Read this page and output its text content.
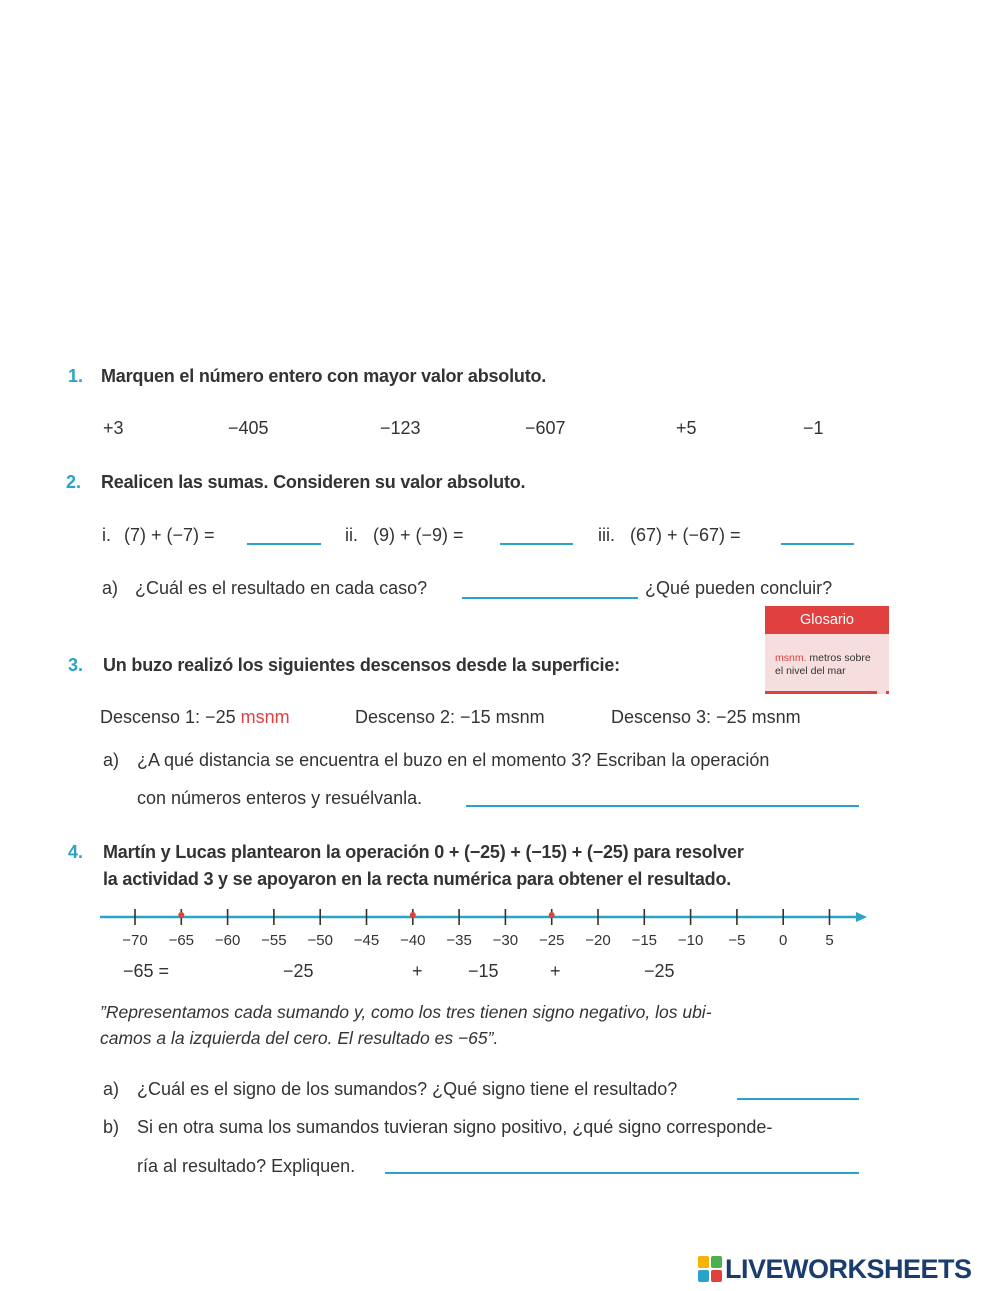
1. Marquen el número entero con mayor valor absoluto.
+3	−405	−123	−607	+5	−1
2. Realicen las sumas. Consideren su valor absoluto.
i. (7) + (−7) =	ii. (9) + (−9) =	iii. (67) + (−67) =
a) ¿Cuál es el resultado en cada caso?	¿Qué pueden concluir?
Glosario
msnm. metros sobre
el nivel del mar
3. Un buzo realizó los siguientes descensos desde la superficie:
Descenso 1: −25 msnm	Descenso 2: −15 msnm	Descenso 3: −25 msnm
a) ¿A qué distancia se encuentra el buzo en el momento 3? Escriban la operación
con números enteros y resuélvanla.
4. Martín y Lucas plantearon la operación 0 + (−25) + (−15) + (−25) para resolver
la actividad 3 y se apoyaron en la recta numérica para obtener el resultado.
−70 −65 −60 −55 −50 −45 −40 −35 −30 −25 −20 −15 −10 −5 0	5
−65 =	−25	+	−15	+	−25
”Representamos cada sumando y, como los tres tienen signo negativo, los ubi-
camos a la izquierda del cero. El resultado es −65”.
a) ¿Cuál es el signo de los sumandos? ¿Qué signo tiene el resultado?
b) Si en otra suma los sumandos tuvieran signo positivo, ¿qué signo correspondе-
ría al resultado? Expliquen.
LIVEWORKSHEETS
